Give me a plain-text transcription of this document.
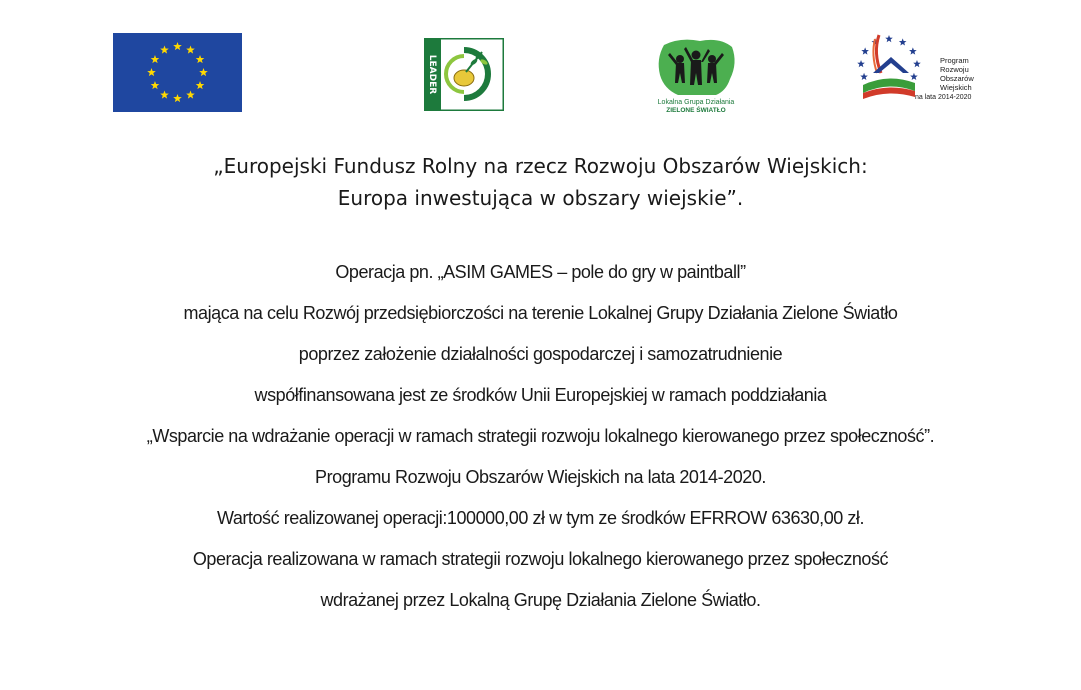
LEADER
Lokalna Grupa Działania
ZIELONE ŚWIATŁO
Program
Rozwoju
Obszarów
Wiejskich
na lata 2014-2020
„Europejski Fundusz Rolny na rzecz Rozwoju Obszarów Wiejskich:
Europa inwestująca w obszary wiejskie”.
Operacja pn. „ASIM GAMES – pole do gry w paintball”
mająca na celu Rozwój przedsiębiorczości na terenie Lokalnej Grupy Działania Zielone Światło
poprzez założenie działalności gospodarczej i samozatrudnienie
współfinansowana jest ze środków Unii Europejskiej w ramach poddziałania
„Wsparcie na wdrażanie operacji w ramach strategii rozwoju lokalnego kierowanego przez społeczność”.
Programu Rozwoju Obszarów Wiejskich na lata 2014-2020.
Wartość realizowanej operacji:100000,00 zł w tym ze środków EFRROW 63630,00 zł.
Operacja realizowana w ramach strategii rozwoju lokalnego kierowanego przez społeczność
wdrażanej przez Lokalną Grupę Działania Zielone Światło.
